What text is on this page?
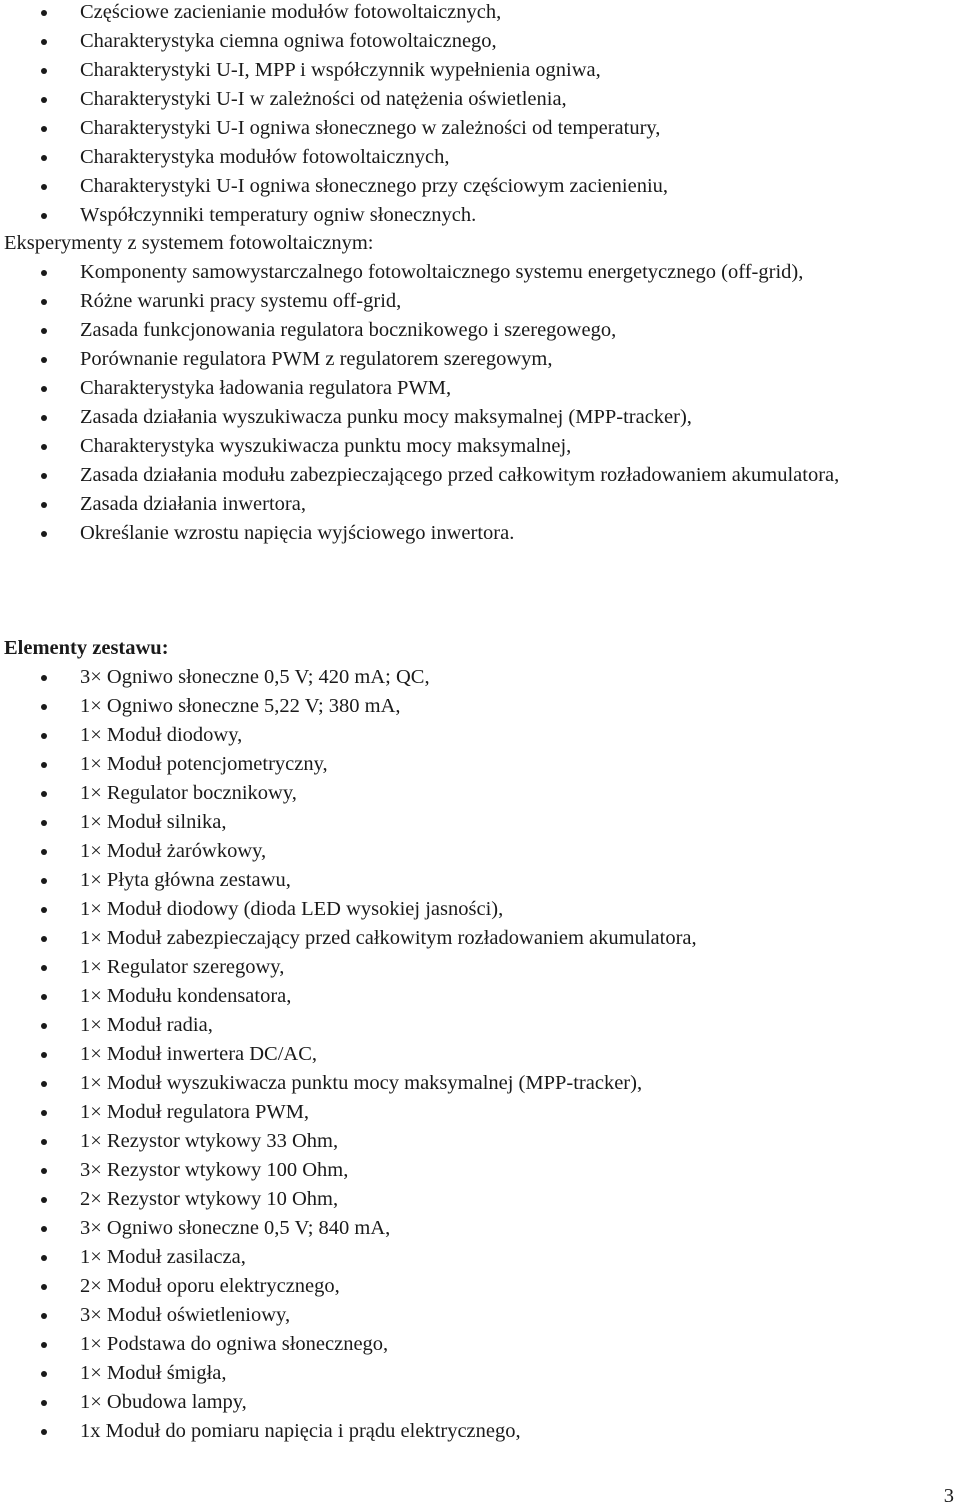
Częściowe zacienianie modułów fotowoltaicznych,
Charakterystyka ciemna ogniwa fotowoltaicznego,
Charakterystyki U-I, MPP i współczynnik wypełnienia ogniwa,
Charakterystyki U-I w zależności od natężenia oświetlenia,
Charakterystyki U-I ogniwa słonecznego w zależności od temperatury,
Charakterystyka modułów fotowoltaicznych,
Charakterystyki U-I ogniwa słonecznego przy częściowym zacienieniu,
Współczynniki temperatury ogniw słonecznych.
Eksperymenty z systemem fotowoltaicznym:
Komponenty samowystarczalnego fotowoltaicznego systemu energetycznego (off-grid),
Różne warunki pracy systemu off-grid,
Zasada funkcjonowania regulatora bocznikowego i szeregowego,
Porównanie regulatora PWM z regulatorem szeregowym,
Charakterystyka ładowania regulatora PWM,
Zasada działania wyszukiwacza punku mocy maksymalnej (MPP-tracker),
Charakterystyka wyszukiwacza punktu mocy maksymalnej,
Zasada działania modułu zabezpieczającego przed całkowitym rozładowaniem akumulatora,
Zasada działania inwertora,
Określanie wzrostu napięcia wyjściowego inwertora.
Elementy zestawu:
3× Ogniwo słoneczne 0,5 V; 420 mA; QC,
1× Ogniwo słoneczne 5,22 V; 380 mA,
1× Moduł diodowy,
1× Moduł potencjometryczny,
1× Regulator bocznikowy,
1× Moduł silnika,
1× Moduł żarówkowy,
1× Płyta główna zestawu,
1× Moduł diodowy (dioda LED wysokiej jasności),
1× Moduł zabezpieczający przed całkowitym rozładowaniem akumulatora,
1× Regulator szeregowy,
1× Modułu kondensatora,
1× Moduł radia,
1× Moduł inwertera DC/AC,
1× Moduł wyszukiwacza punktu mocy maksymalnej (MPP-tracker),
1× Moduł regulatora PWM,
1× Rezystor wtykowy 33 Ohm,
3× Rezystor wtykowy 100 Ohm,
2× Rezystor wtykowy 10 Ohm,
3× Ogniwo słoneczne 0,5 V; 840 mA,
1× Moduł zasilacza,
2× Moduł oporu elektrycznego,
3× Moduł oświetleniowy,
1× Podstawa do ogniwa słonecznego,
1× Moduł śmigła,
1× Obudowa lampy,
1x Moduł do pomiaru napięcia i prądu elektrycznego,
3
